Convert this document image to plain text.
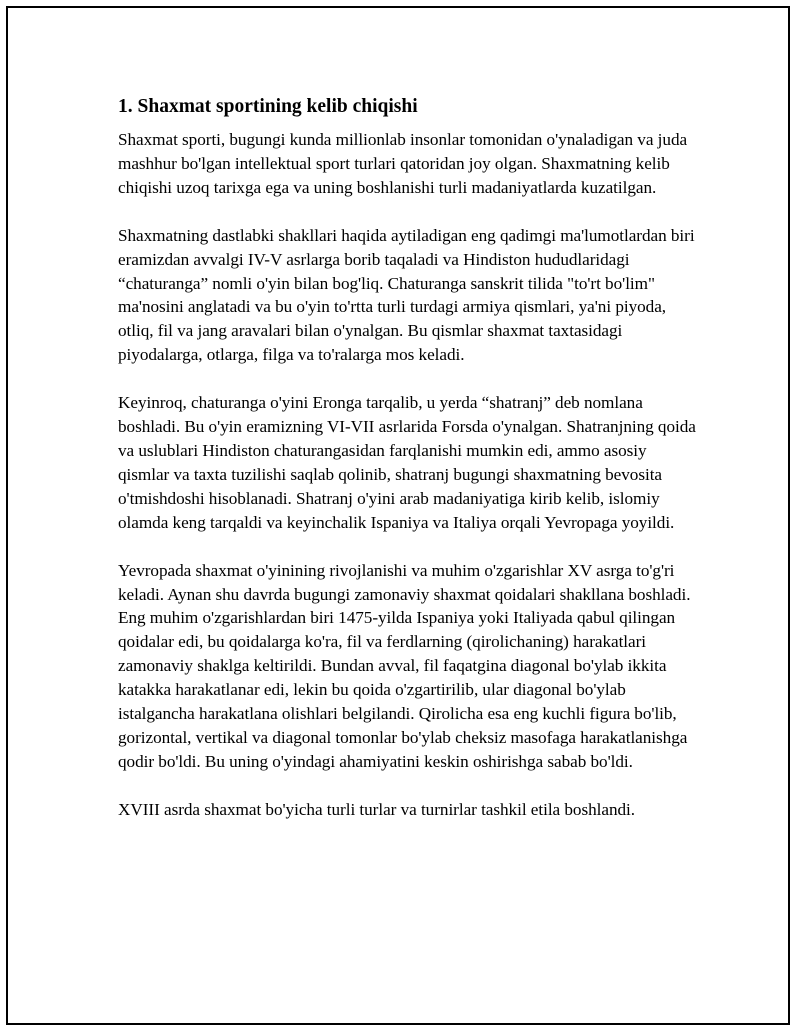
1. Shaxmat sportining kelib chiqishi

Shaxmat sporti, bugungi kunda millionlab insonlar tomonidan o'ynaladigan va juda mashhur bo'lgan intellektual sport turlari qatoridan joy olgan. Shaxmatning kelib chiqishi uzoq tarixga ega va uning boshlanishi turli madaniyatlarda kuzatilgan.

Shaxmatning dastlabki shakllari haqida aytiladigan eng qadimgi ma'lumotlardan biri eramizdan avvalgi IV-V asrlarga borib taqaladi va Hindiston hududlaridagi “chaturanga” nomli o'yin bilan bog'liq. Chaturanga sanskrit tilida "to'rt bo'lim" ma'nosini anglatadi va bu o'yin to'rtta turli turdagi armiya qismlari, ya'ni piyoda, otliq, fil va jang aravalari bilan o'ynalgan. Bu qismlar shaxmat taxtasidagi piyodalarga, otlarga, filga va to'ralarga mos keladi.

Keyinroq, chaturanga o'yini Eronga tarqalib, u yerda “shatranj” deb nomlana boshladi. Bu o'yin eramizning VI-VII asrlarida Forsda o'ynalgan. Shatranjning qoida va uslublari Hindiston chaturangasidan farqlanishi mumkin edi, ammo asosiy qismlar va taxta tuzilishi saqlab qolinib, shatranj bugungi shaxmatning bevosita o'tmishdoshi hisoblanadi. Shatranj o'yini arab madaniyatiga kirib kelib, islomiy olamda keng tarqaldi va keyinchalik Ispaniya va Italiya orqali Yevropaga yoyildi.

Yevropada shaxmat o'yinining rivojlanishi va muhim o'zgarishlar XV asrga to'g'ri keladi. Aynan shu davrda bugungi zamonaviy shaxmat qoidalari shakllana boshladi. Eng muhim o'zgarishlardan biri 1475-yilda Ispaniya yoki Italiyada qabul qilingan qoidalar edi, bu qoidalarga ko'ra, fil va ferdlarning (qirolichaning) harakatlari zamonaviy shaklga keltirildi. Bundan avval, fil faqatgina diagonal bo'ylab ikkita katakka harakatlanar edi, lekin bu qoida o'zgartirilib, ular diagonal bo'ylab istalgancha harakatlana olishlari belgilandi. Qirolicha esa eng kuchli figura bo'lib, gorizontal, vertikal va diagonal tomonlar bo'ylab cheksiz masofaga harakatlanishga qodir bo'ldi. Bu uning o'yindagi ahamiyatini keskin oshirishga sabab bo'ldi.

XVIII asrda shaxmat bo'yicha turli turlar va turnirlar tashkil etila boshlandi.
